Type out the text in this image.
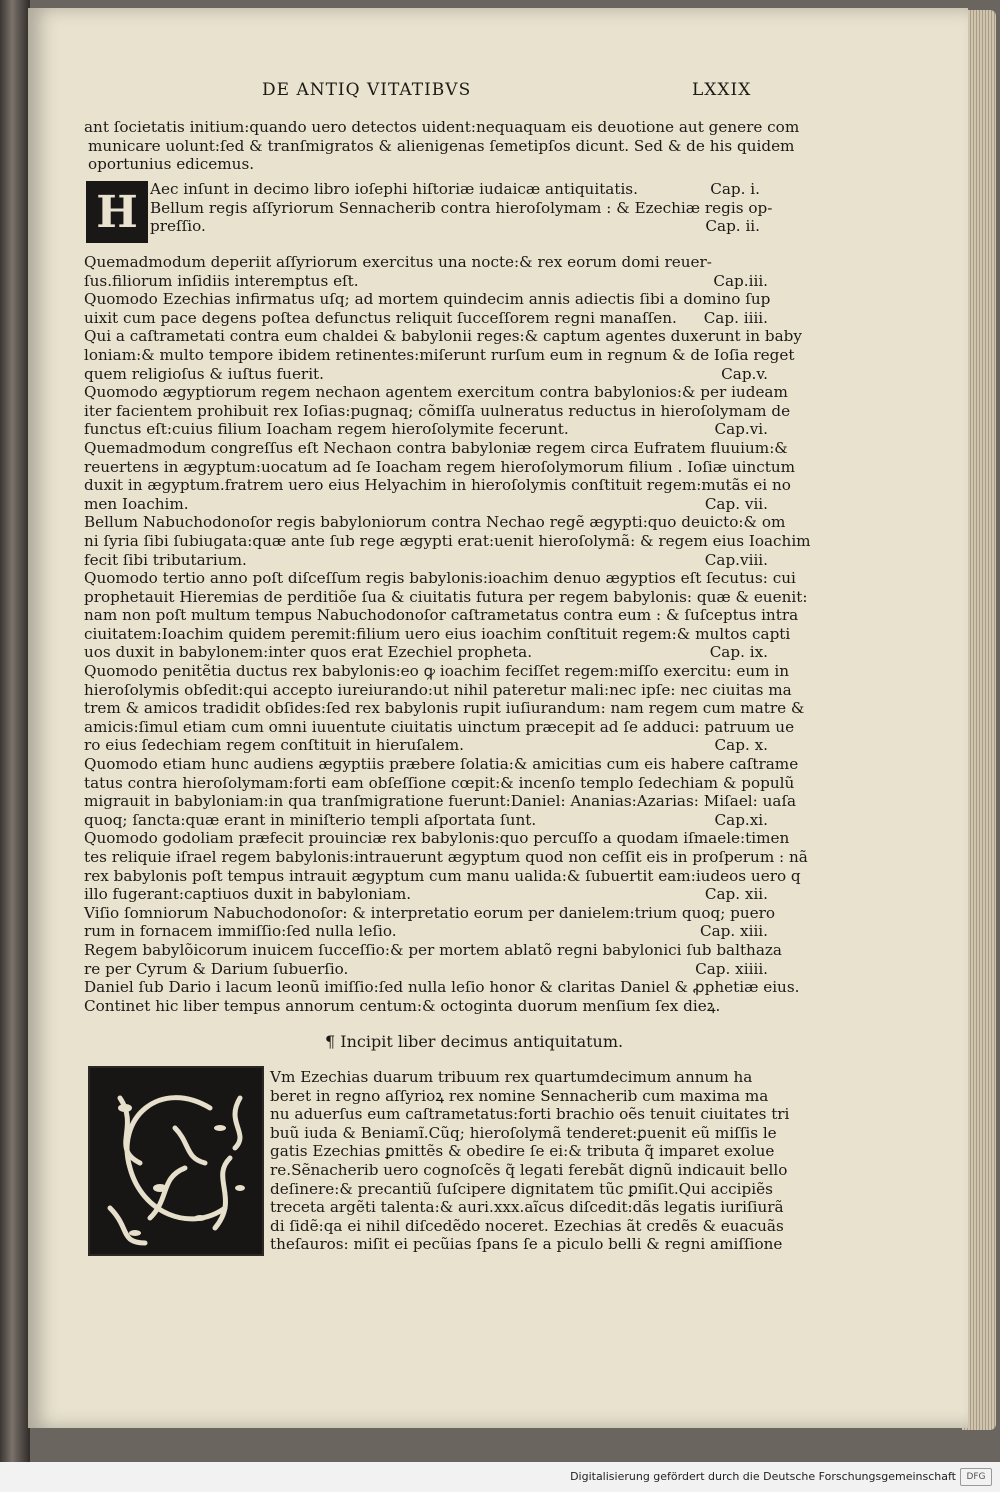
DE ANTIQ VITATIBVS	LXXIX
ant ſocietatis initium:quando uero detectos uident:nequaquam eis deuotione aut genere com
municare uolunt:ſed & tranſmigratos & alienigenas ſemetipſos dicunt. Sed & de his quidem
oportunius edicemus.
H Aec inſunt in decimo libro ioſephi hiſtoriæ iudaicæ antiquitatis.	Cap. i.
Bellum regis aſſyriorum Sennacherib contra hieroſolymam : & Ezechiæ regis op-
preſſio.	Cap. ii.
Quemadmodum deperiit aſſyriorum exercitus una nocte:& rex eorum domi reuer-
ſus.filiorum inſidiis interemptus eſt.	Cap.iii.
Quomodo Ezechias infirmatus uſq; ad mortem quindecim annis adiectis ſibi a domino ſup
uixit cum pace degens poſtea defunctus reliquit ſucceſſorem regni manaſſen. Cap. iiii.
Qui a caſtrametati contra eum chaldei & babylonii reges:& captum agentes duxerunt in baby
loniam:& multo tempore ibidem retinentes:miſerunt rurſum eum in regnum & de Ioſia reget
quem religioſus & iuſtus fuerit.	Cap.v.
Quomodo ægyptiorum regem nechaon agentem exercitum contra babylonios:& per iudeam
iter facientem prohibuit rex Ioſias:pugnaq; cõmiſſa uulneratus reductus in hieroſolymam de
functus eſt:cuius filium Ioacham regem hieroſolymite fecerunt.	Cap.vi.
Quemadmodum congreſſus eſt Nechaon contra babyloniæ regem circa Eufratem fluuium:&
reuertens in ægyptum:uocatum ad ſe Ioacham regem hieroſolymorum filium . Ioſiæ uinctum
duxit in ægyptum.fratrem uero eius Helyachim in hieroſolymis conſtituit regem:mutãs ei no
men Ioachim.	Cap. vii.
Bellum Nabuchodonoſor regis babyloniorum contra Nechao regẽ ægypti:quo deuicto:& om
ni ſyria ſibi ſubiugata:quæ ante ſub rege ægypti erat:uenit hieroſolymã: & regem eius Ioachim
fecit ſibi tributarium.	Cap.viii.
Quomodo tertio anno poſt diſceſſum regis babylonis:ioachim denuo ægyptios eſt ſecutus: cui
prophetauit Hieremias de perditiõe ſua & ciuitatis futura per regem babylonis: quæ & euenit:
nam non poſt multum tempus Nabuchodonoſor caſtrametatus contra eum : & ſuſceptus intra
ciuitatem:Ioachim quidem peremit:filium uero eius ioachim conſtituit regem:& multos capti
uos duxit in babylonem:inter quos erat Ezechiel propheta.	Cap. ix.
Quomodo penitẽtia ductus rex babylonis:eo ꝙ ioachim feciſſet regem:miſſo exercitu: eum in
hieroſolymis obſedit:qui accepto iureiurando:ut nihil pateretur mali:nec ipſe: nec ciuitas ma
trem & amicos tradidit obſides:ſed rex babylonis rupit iuſiurandum: nam regem cum matre &
amicis:ſimul etiam cum omni iuuentute ciuitatis uinctum præcepit ad ſe adduci: patruum ue
ro eius ſedechiam regem conſtituit in hieruſalem.	Cap. x.
Quomodo etiam hunc audiens ægyptiis præbere ſolatia:& amicitias cum eis habere caſtrame
tatus contra hieroſolymam:forti eam obſeſſione cœpit:& incenſo templo ſedechiam & populũ
migrauit in babyloniam:in qua tranſmigratione fuerunt:Daniel: Ananias:Azarias: Miſael: uaſa
quoq; ſancta:quæ erant in miniſterio templi aſportata ſunt.	Cap.xi.
Quomodo godoliam præfecit prouinciæ rex babylonis:quo percuſſo a quodam iſmaele:timen
tes reliquie iſrael regem babylonis:intrauerunt ægyptum quod non ceſſit eis in proſperum : nã
rex babylonis poſt tempus intrauit ægyptum cum manu ualida:& ſubuertit eam:iudeos uero q
illo fugerant:captiuos duxit in babyloniam.	Cap. xii.
Viſio ſomniorum Nabuchodonoſor: & interpretatio eorum per danielem:trium quoq; puero
rum in fornacem immiſſio:ſed nulla leſio.	Cap. xiii.
Regem babylõicorum inuicem ſucceſſio:& per mortem ablatõ regni babylonici ſub balthaza
re per Cyrum & Darium ſubuerſio.	Cap. xiiii.
Daniel ſub Dario i lacum leonũ imiſſio:ſed nulla leſio honor & claritas Daniel & ꝓphetiæ eius.
Continet hic liber tempus annorum centum:& octoginta duorum menſium ſex dieꝝ.
¶ Incipit liber decimus antiquitatum.
Vm Ezechias duarum tribuum rex quartumdecimum annum ha
beret in regno aſſyrioꝝ rex nomine Sennacherib cum maxima ma
nu aduerſus eum caſtrametatus:forti brachio oẽs tenuit ciuitates tri
buũ iuda & Beniamĩ.Cũq; hieroſolymã tenderet:ꝑuenit eũ miſſis le
gatis Ezechias ꝑmittẽs & obedire ſe ei:& tributa q̃ imparet exolue
re.Sẽnacherib uero cognoſcẽs q̃ legati ferebãt dignũ indicauit bello
deſinere:& precantiũ ſuſcipere dignitatem tũc ꝑmiſit.Qui accipiẽs
treceta argẽti talenta:& auri.xxx.aĩcus diſcedit:dãs legatis iuriſiurã
di ſidẽ:qa ei nihil diſcedẽdo noceret. Ezechias ãt credẽs & euacuãs
theſauros: miſit ei pecũias ſpans ſe a piculo belli & regni amiſſione
Digitalisierung gefördert durch die Deutsche Forschungsgemeinschaft	DFG
